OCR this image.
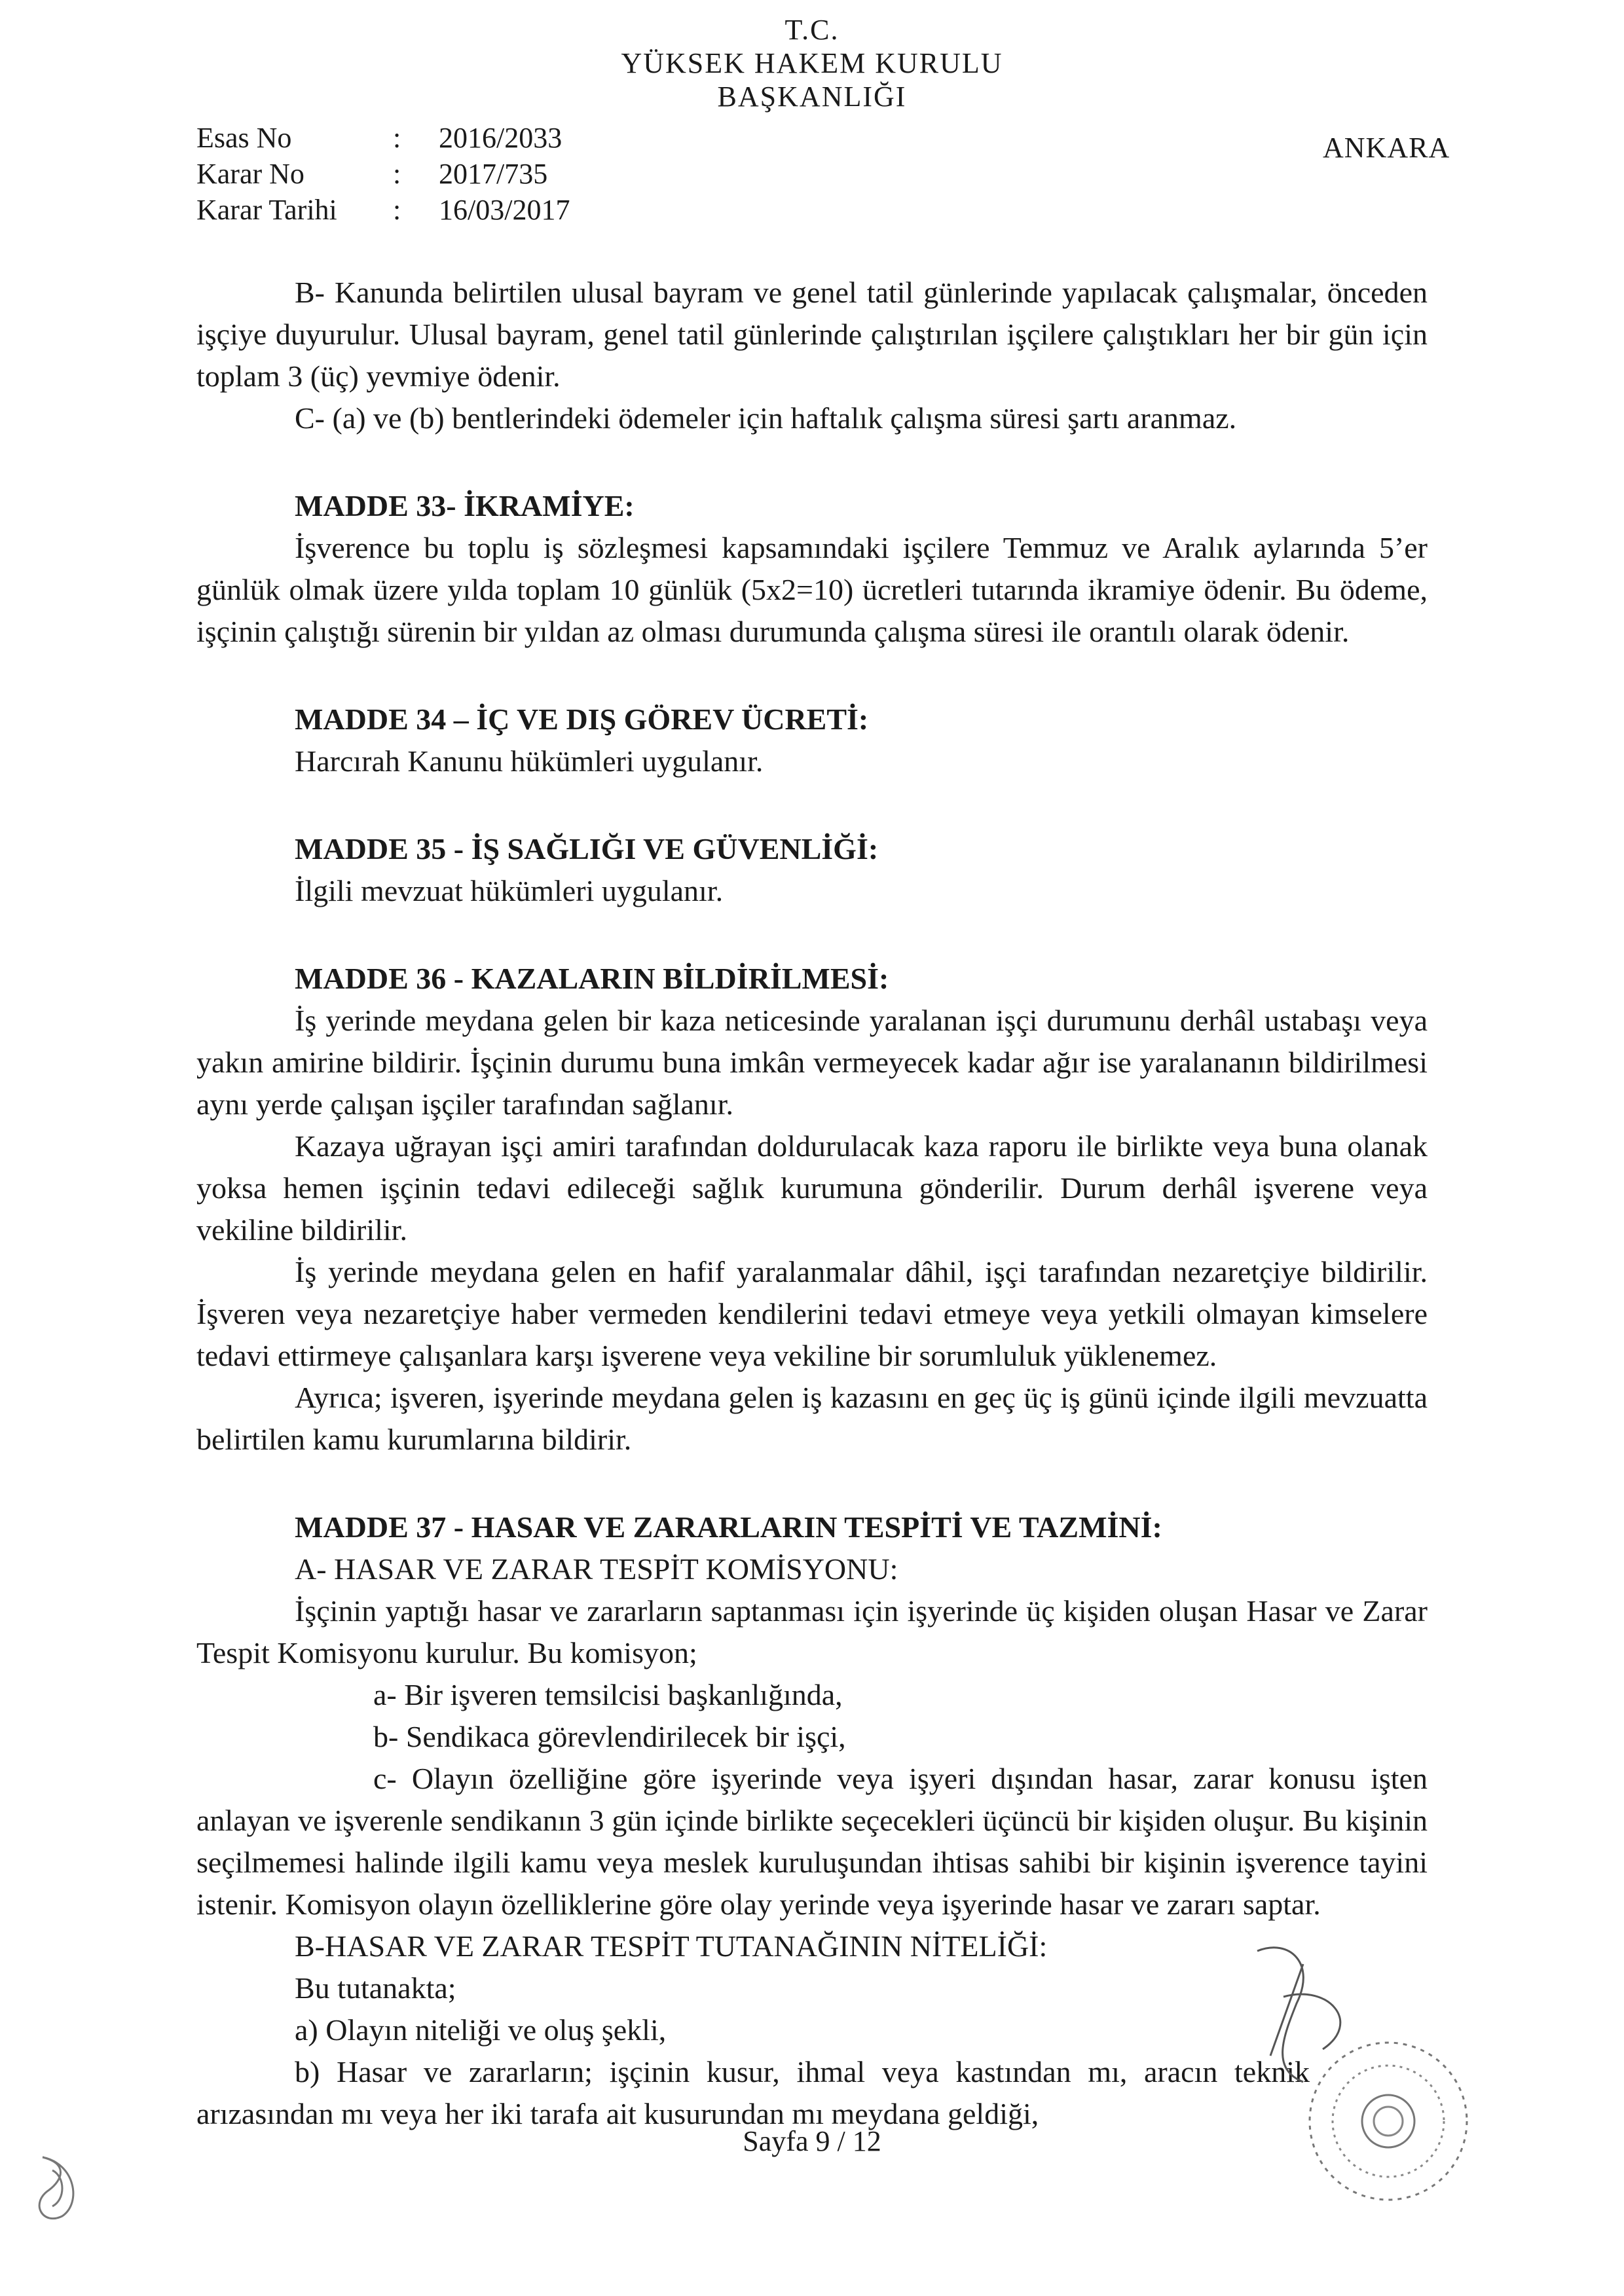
T.C.
YÜKSEK HAKEM KURULU
BAŞKANLIĞI
ANKARA
Esas No	: 2016/2033
Karar No	: 2017/735
Karar Tarihi : 16/03/2017

B- Kanunda belirtilen ulusal bayram ve genel tatil günlerinde yapılacak çalışmalar, önceden işçiye duyurulur. Ulusal bayram, genel tatil günlerinde çalıştırılan işçilere çalıştıkları her bir gün için toplam 3 (üç) yevmiye ödenir.

C- (a) ve (b) bentlerindeki ödemeler için haftalık çalışma süresi şartı aranmaz.

MADDE 33- İKRAMİYE:

İşverence bu toplu iş sözleşmesi kapsamındaki işçilere Temmuz ve Aralık aylarında 5’er günlük olmak üzere yılda toplam 10 günlük (5x2=10) ücretleri tutarında ikramiye ödenir. Bu ödeme, işçinin çalıştığı sürenin bir yıldan az olması durumunda çalışma süresi ile orantılı olarak ödenir.

MADDE 34 – İÇ VE DIŞ GÖREV ÜCRETİ:

Harcırah Kanunu hükümleri uygulanır.

MADDE 35 - İŞ SAĞLIĞI VE GÜVENLİĞİ:

İlgili mevzuat hükümleri uygulanır.

MADDE 36 - KAZALARIN BİLDİRİLMESİ:

İş yerinde meydana gelen bir kaza neticesinde yaralanan işçi durumunu derhâl ustabaşı veya yakın amirine bildirir. İşçinin durumu buna imkân vermeyecek kadar ağır ise yaralananın bildirilmesi aynı yerde çalışan işçiler tarafından sağlanır.

Kazaya uğrayan işçi amiri tarafından doldurulacak kaza raporu ile birlikte veya buna olanak yoksa hemen işçinin tedavi edileceği sağlık kurumuna gönderilir. Durum derhâl işverene veya vekiline bildirilir.

İş yerinde meydana gelen en hafif yaralanmalar dâhil, işçi tarafından nezaretçiye bildirilir. İşveren veya nezaretçiye haber vermeden kendilerini tedavi etmeye veya yetkili olmayan kimselere tedavi ettirmeye çalışanlara karşı işverene veya vekiline bir sorumluluk yüklenemez.

Ayrıca; işveren, işyerinde meydana gelen iş kazasını en geç üç iş günü içinde ilgili mevzuatta belirtilen kamu kurumlarına bildirir.

MADDE 37 - HASAR VE ZARARLARIN TESPİTİ VE TAZMİNİ:

A- HASAR VE ZARAR TESPİT KOMİSYONU:

İşçinin yaptığı hasar ve zararların saptanması için işyerinde üç kişiden oluşan Hasar ve Zarar Tespit Komisyonu kurulur. Bu komisyon;

a- Bir işveren temsilcisi başkanlığında,

b- Sendikaca görevlendirilecek bir işçi,

c- Olayın özelliğine göre işyerinde veya işyeri dışından hasar, zarar konusu işten anlayan ve işverenle sendikanın 3 gün içinde birlikte seçecekleri üçüncü bir kişiden oluşur. Bu kişinin seçilmemesi halinde ilgili kamu veya meslek kuruluşundan ihtisas sahibi bir kişinin işverence tayini istenir. Komisyon olayın özelliklerine göre olay yerinde veya işyerinde hasar ve zararı saptar.

B-HASAR VE ZARAR TESPİT TUTANAĞININ NİTELİĞİ:

Bu tutanakta;

a) Olayın niteliği ve oluş şekli,

b) Hasar ve zararların; işçinin kusur, ihmal veya kastından mı, aracın teknik arızasından mı veya her iki tarafa ait kusurundan mı meydana geldiği,

Sayfa 9 / 12
